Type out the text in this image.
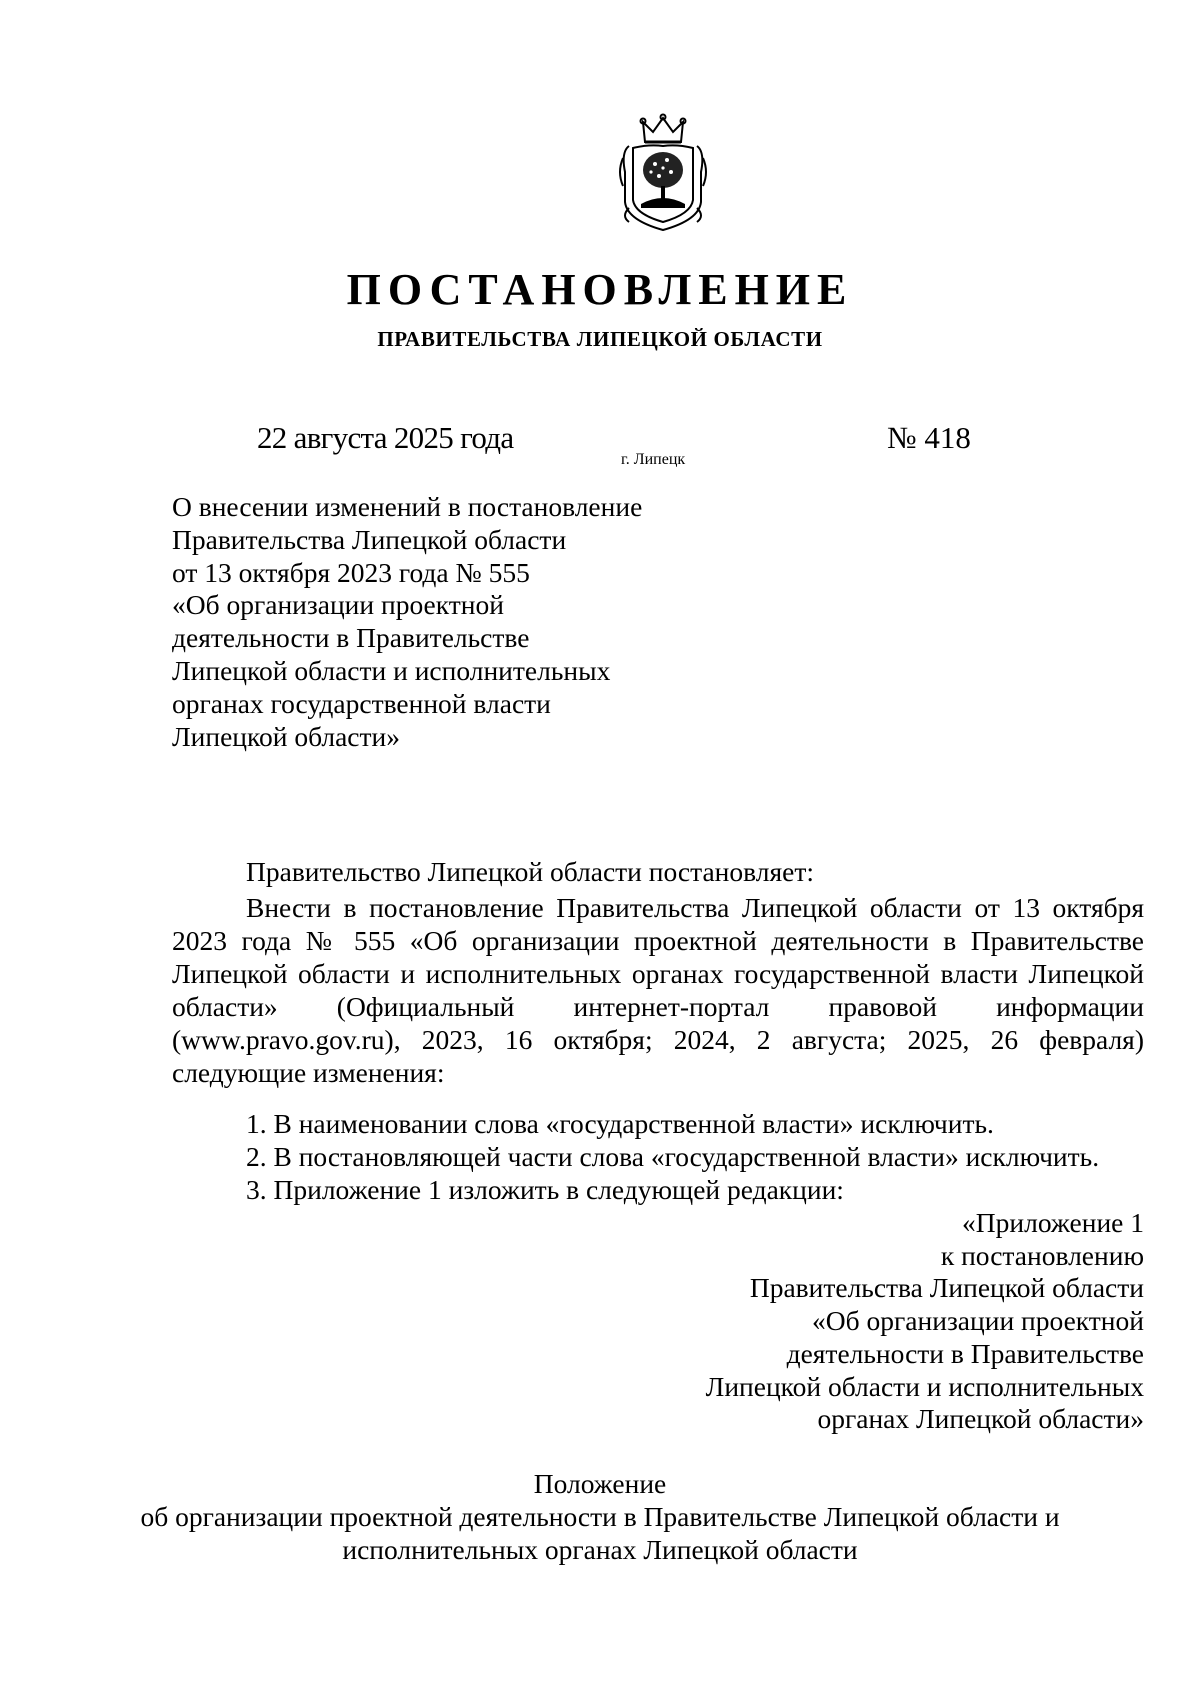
ПОСТАНОВЛЕНИЕ
ПРАВИТЕЛЬСТВА ЛИПЕЦКОЙ ОБЛАСТИ
22 августа 2025 года	№ 418
г. Липецк
О внесении изменений в постановление
Правительства Липецкой области
от 13 октября 2023 года № 555
«Об организации проектной
деятельности в Правительстве
Липецкой области и исполнительных
органах государственной власти
Липецкой области»
Правительство Липецкой области постановляет:
Внести в постановление Правительства Липецкой области от 13 октября 2023 года № 555 «Об организации проектной деятельности в Правительстве Липецкой области и исполнительных органах государственной власти Липецкой области» (Официальный интернет-портал правовой информации (www.pravo.gov.ru), 2023, 16 октября; 2024, 2 августа; 2025, 26 февраля) следующие изменения:
1. В наименовании слова «государственной власти» исключить.
2. В постановляющей части слова «государственной власти» исключить.
3. Приложение 1 изложить в следующей редакции:
«Приложение 1
к постановлению
Правительства Липецкой области
«Об организации проектной
деятельности в Правительстве
Липецкой области и исполнительных
органах Липецкой области»
Положение
об организации проектной деятельности в Правительстве Липецкой области и
исполнительных органах Липецкой области
